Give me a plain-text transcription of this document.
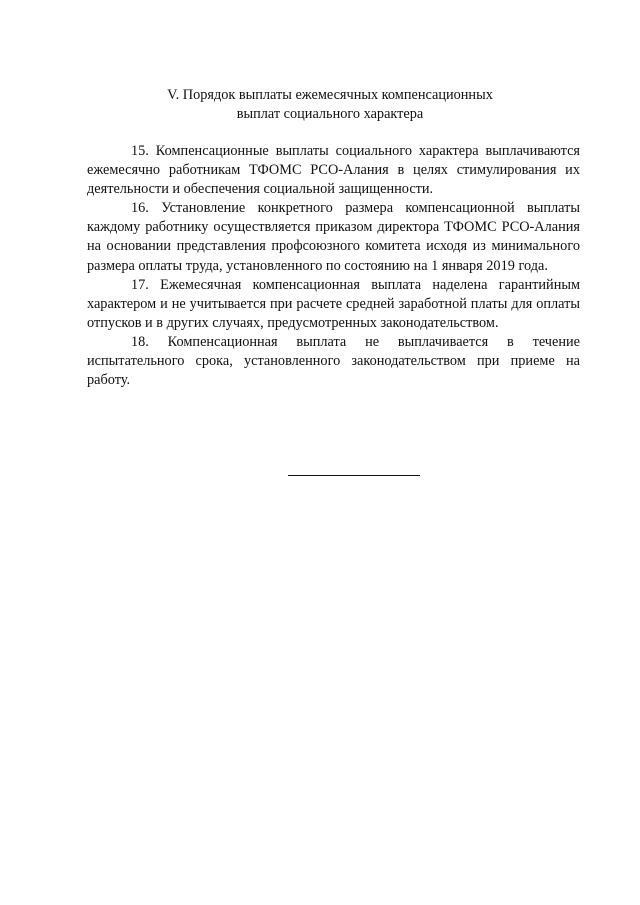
V. Порядок выплаты ежемесячных компенсационных
выплат социального характера

15. Компенсационные выплаты социального характера выплачиваются ежемесячно работникам ТФОМС РСО-Алания в целях стимулирования их деятельности и обеспечения социальной защищенности.

16. Установление конкретного размера компенсационной выплаты каждому работнику осуществляется приказом директора ТФОМС РСО-Алания на основании представления профсоюзного комитета исходя из минимального размера оплаты труда, установленного по состоянию на 1 января 2019 года.

17. Ежемесячная компенсационная выплата наделена гарантийным характером и не учитывается при расчете средней заработной платы для оплаты отпусков и в других случаях, предусмотренных законодательством.

18. Компенсационная выплата не выплачивается в течение испытательного срока, установленного законодательством при приеме на работу.
